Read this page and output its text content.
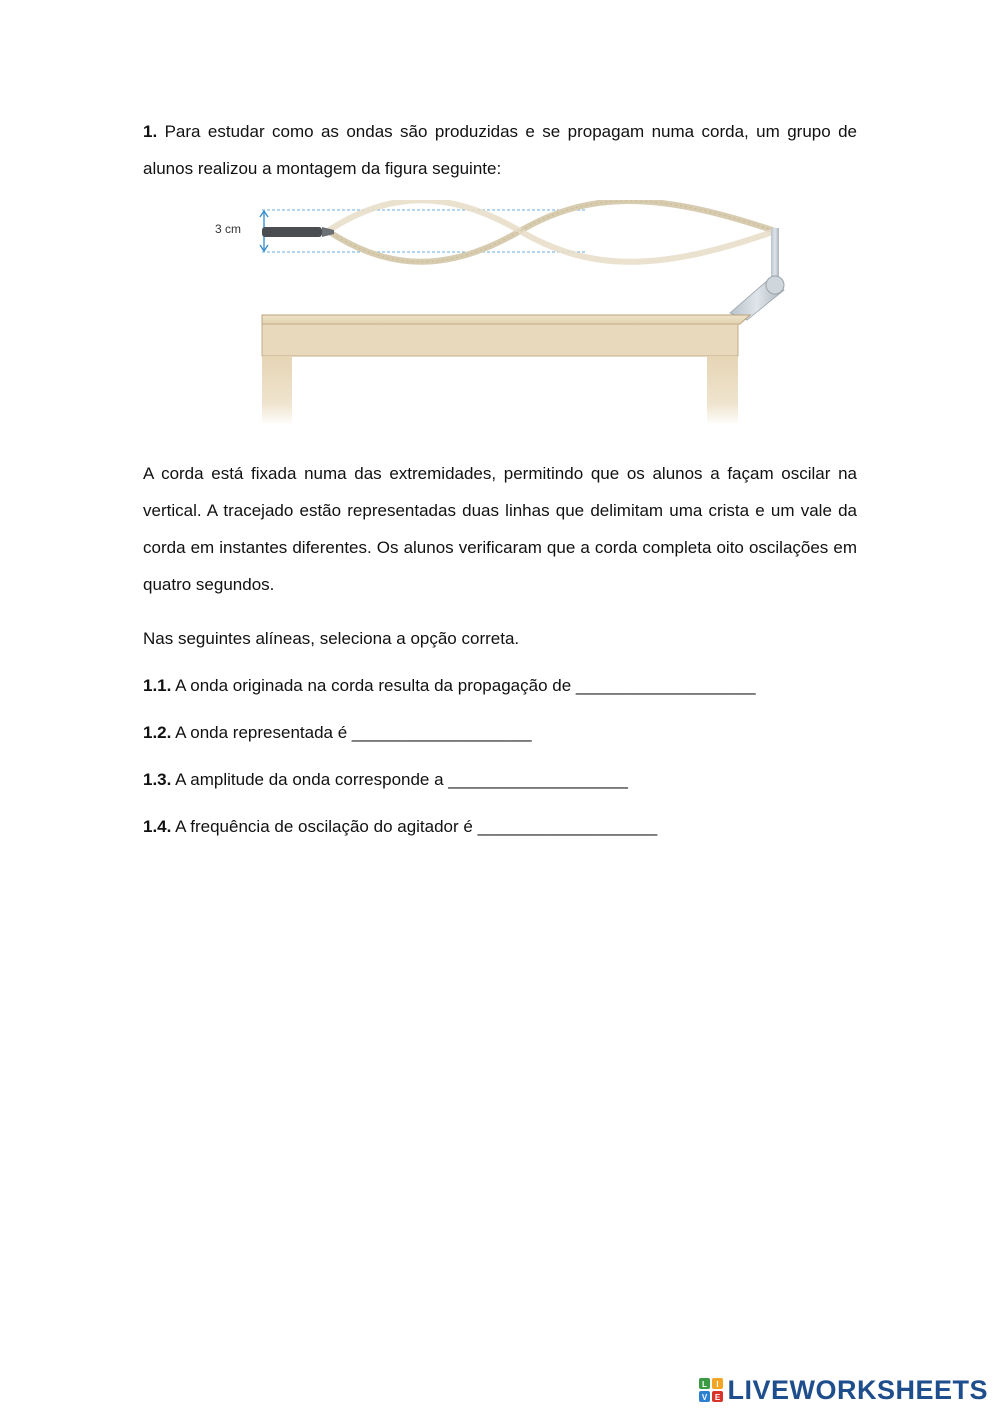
1. Para estudar como as ondas são produzidas e se propagam numa corda, um grupo de alunos realizou a montagem da figura seguinte:
3 cm
A corda está fixada numa das extremidades, permitindo que os alunos a façam oscilar na vertical. A tracejado estão representadas duas linhas que delimitam uma crista e um vale da corda em instantes diferentes. Os alunos verificaram que a corda completa oito oscilações em quatro segundos.
Nas seguintes alíneas, seleciona a opção correta.
1.1. A onda originada na corda resulta da propagação de ___________________
1.2. A onda representada é ___________________
1.3. A amplitude da onda corresponde a ___________________
1.4. A frequência de oscilação do agitador é ___________________
L I
V E LIVEWORKSHEETS
